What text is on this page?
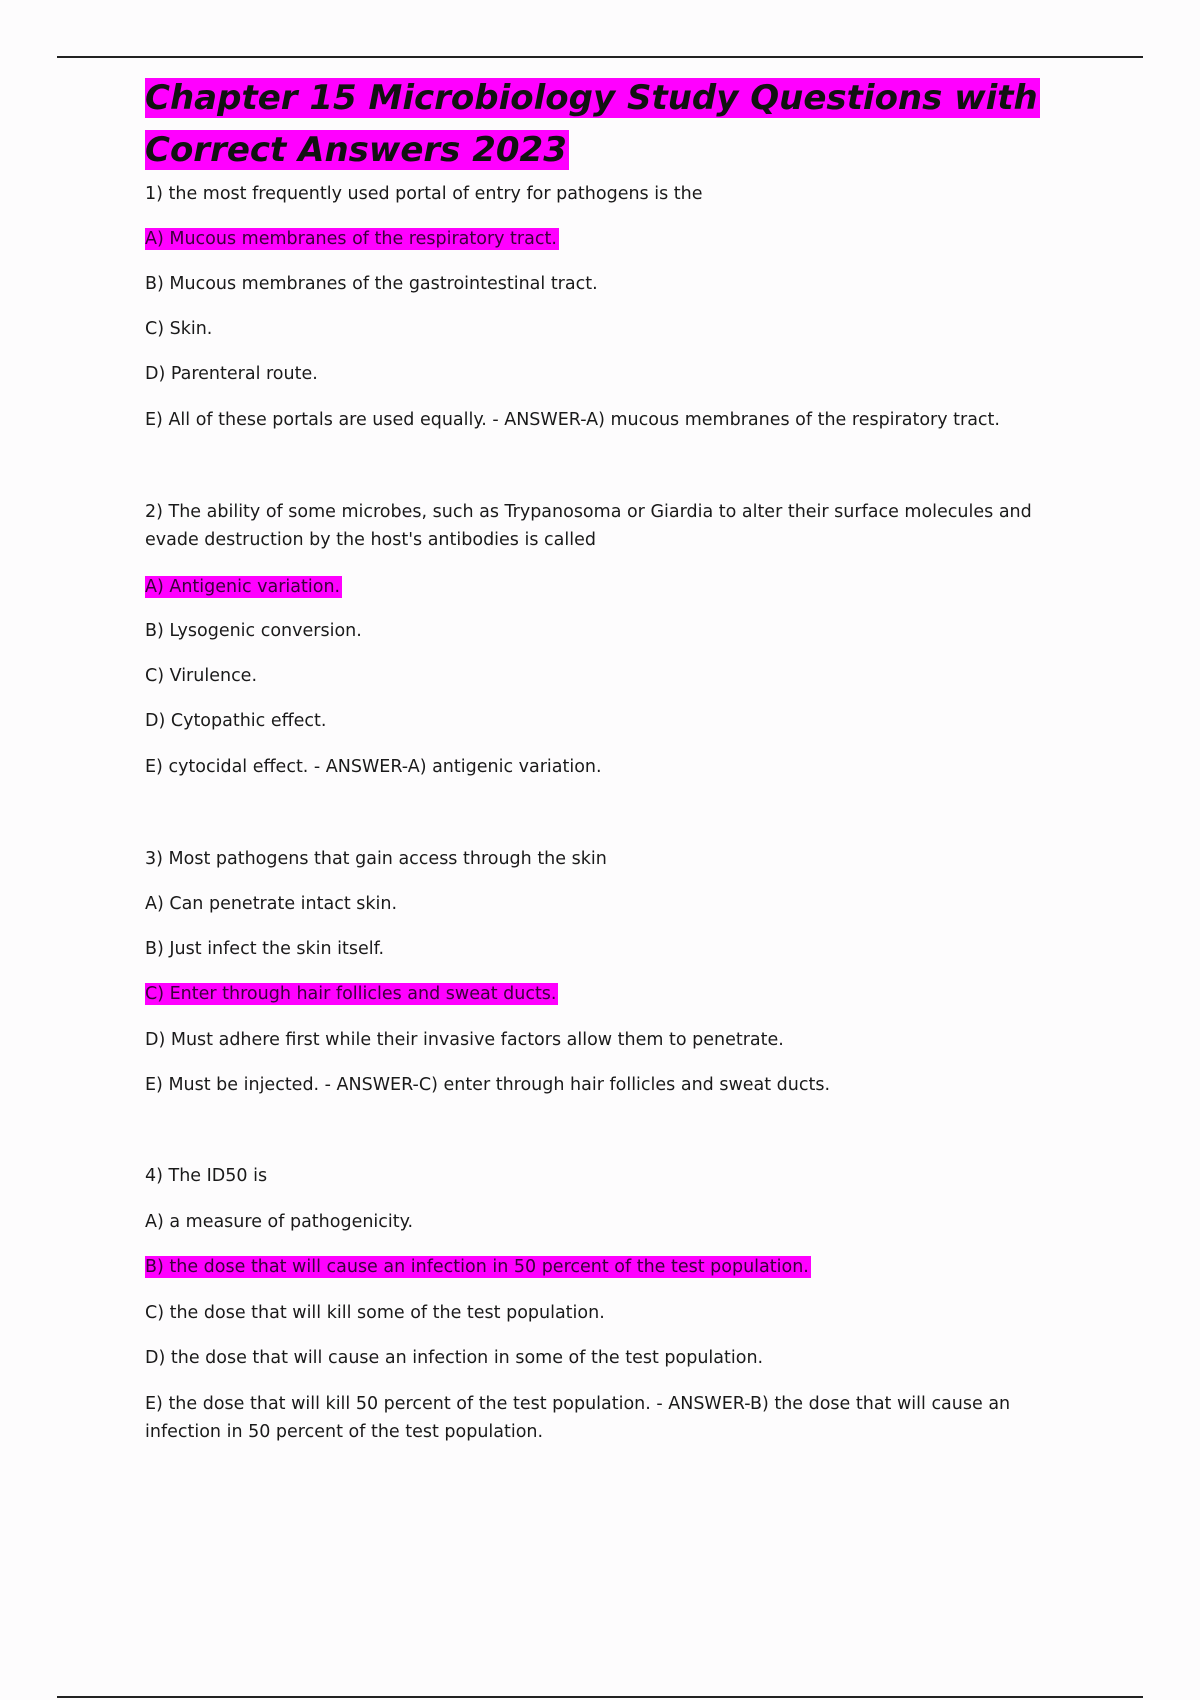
Chapter 15 Microbiology Study Questions with Correct Answers 2023
1) the most frequently used portal of entry for pathogens is the
A) Mucous membranes of the respiratory tract.
B) Mucous membranes of the gastrointestinal tract.
C) Skin.
D) Parenteral route.
E) All of these portals are used equally. - ANSWER-A) mucous membranes of the respiratory tract.
2) The ability of some microbes, such as Trypanosoma or Giardia to alter their surface molecules and evade destruction by the host's antibodies is called
A) Antigenic variation.
B) Lysogenic conversion.
C) Virulence.
D) Cytopathic effect.
E) cytocidal effect. - ANSWER-A) antigenic variation.
3) Most pathogens that gain access through the skin
A) Can penetrate intact skin.
B) Just infect the skin itself.
C) Enter through hair follicles and sweat ducts.
D) Must adhere first while their invasive factors allow them to penetrate.
E) Must be injected. - ANSWER-C) enter through hair follicles and sweat ducts.
4) The ID50 is
A) a measure of pathogenicity.
B) the dose that will cause an infection in 50 percent of the test population.
C) the dose that will kill some of the test population.
D) the dose that will cause an infection in some of the test population.
E) the dose that will kill 50 percent of the test population. - ANSWER-B) the dose that will cause an infection in 50 percent of the test population.
